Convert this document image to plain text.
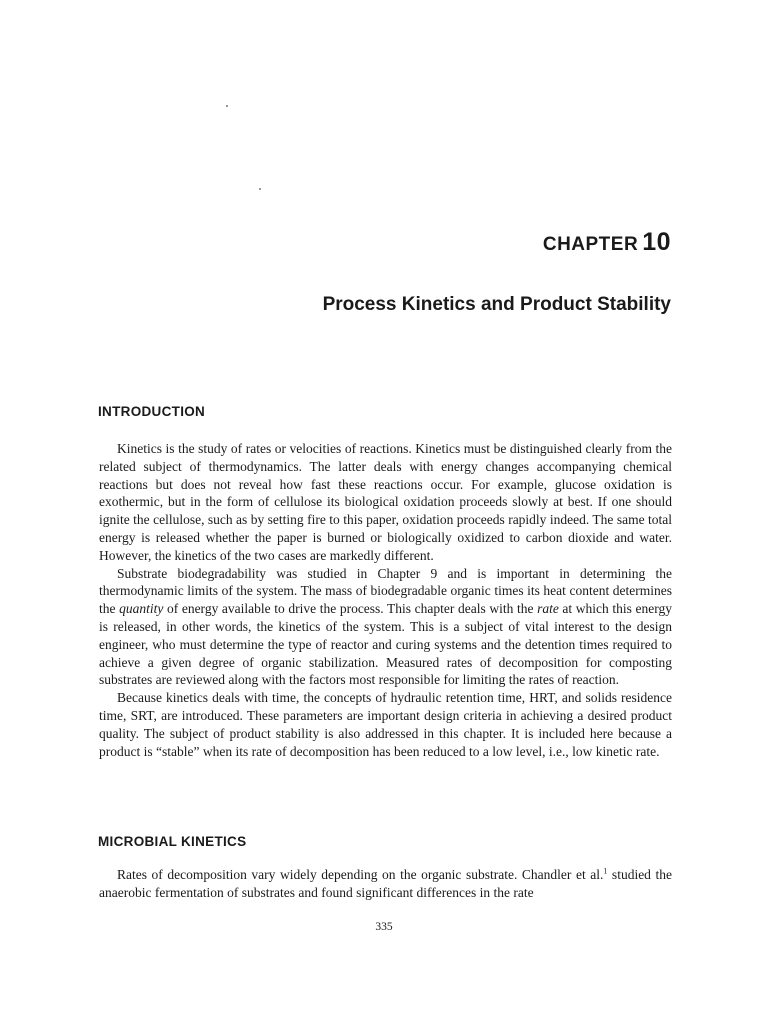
CHAPTER 10
Process Kinetics and Product Stability
INTRODUCTION

Kinetics is the study of rates or velocities of reactions. Kinetics must be distinguished clearly from the related subject of thermodynamics. The latter deals with energy changes accompanying chemical reactions but does not reveal how fast these reactions occur. For example, glucose oxidation is exothermic, but in the form of cellulose its biological oxidation proceeds slowly at best. If one should ignite the cellulose, such as by setting fire to this paper, oxidation proceeds rapidly indeed. The same total energy is released whether the paper is burned or biologically oxidized to carbon dioxide and water. However, the kinetics of the two cases are markedly different.

Substrate biodegradability was studied in Chapter 9 and is important in determining the thermodynamic limits of the system. The mass of biodegradable organic times its heat content determines the quantity of energy available to drive the process. This chapter deals with the rate at which this energy is released, in other words, the kinetics of the system. This is a subject of vital interest to the design engineer, who must determine the type of reactor and curing systems and the detention times required to achieve a given degree of organic stabilization. Measured rates of decomposition for composting substrates are reviewed along with the factors most responsible for limiting the rates of reaction.

Because kinetics deals with time, the concepts of hydraulic retention time, HRT, and solids residence time, SRT, are introduced. These parameters are important design criteria in achieving a desired product quality. The subject of product stability is also addressed in this chapter. It is included here because a product is “stable” when its rate of decomposition has been reduced to a low level, i.e., low kinetic rate.

MICROBIAL KINETICS

Rates of decomposition vary widely depending on the organic substrate. Chandler et al.$^1$ studied the anaerobic fermentation of substrates and found significant differences in the rate

335
